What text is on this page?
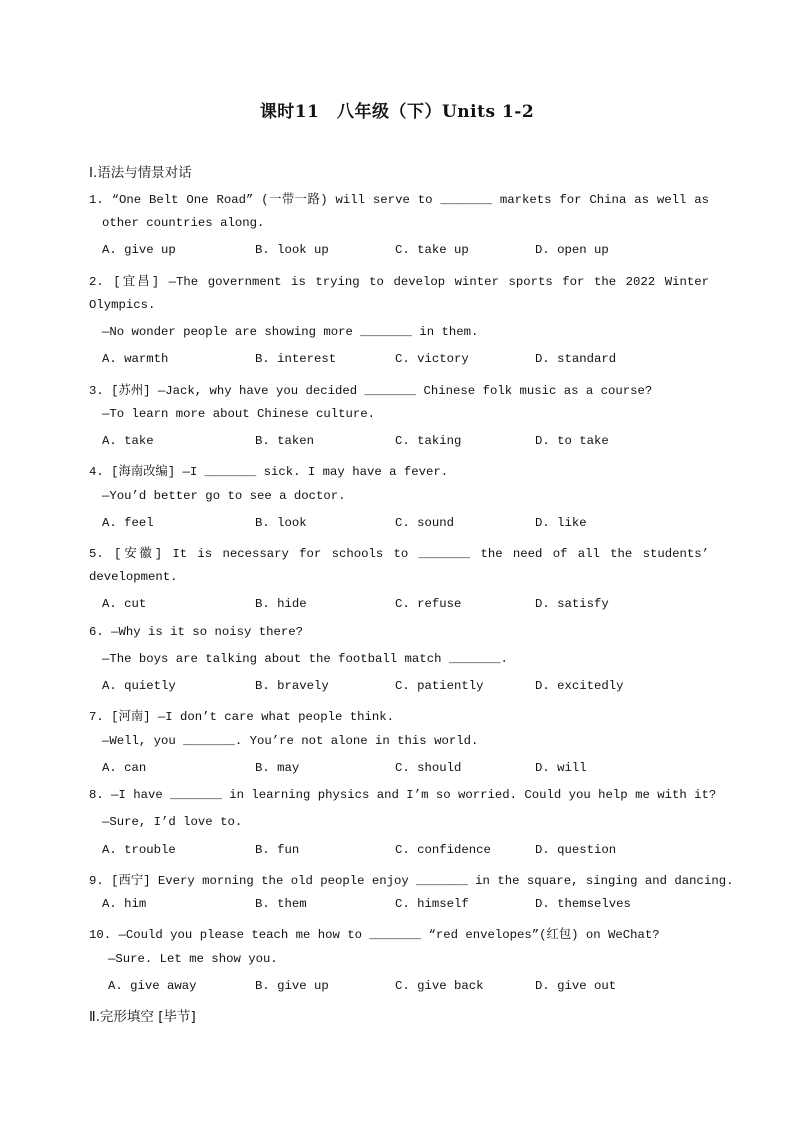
课时11　八年级（下）Units 1-2
Ⅰ.语法与情景对话
1. “One Belt One Road” (一带一路) will serve to _______ markets for China as well as
other countries along.
A. give up	B. look up	C. take up	D. open up
2. [宜昌] —The government is trying to develop winter sports for the 2022 Winter
Olympics.
—No wonder people are showing more _______ in them.
A. warmth	B. interest	C. victory	D. standard
3. [苏州] —Jack, why have you decided _______ Chinese folk music as a course?
—To learn more about Chinese culture.
A. take	B. taken	C. taking	D. to take
4. [海南改编] —I _______ sick. I may have a fever.
—You’d better go to see a doctor.
A. feel	B. look	C. sound	D. like
5. [安徽] It is necessary for schools to _______ the need of all the students’
development.
A. cut	B. hide	C. refuse	D. satisfy
6. —Why is it so noisy there?
—The boys are talking about the football match _______.
A. quietly	B. bravely	C. patiently	D. excitedly
7. [河南] —I don’t care what people think.
—Well, you _______. You’re not alone in this world.
A. can	B. may	C. should	D. will
8. —I have _______ in learning physics and I’m so worried. Could you help me with it?
—Sure, I’d love to.
A. trouble	B. fun	C. confidence	D. question
9. [西宁] Every morning the old people enjoy _______ in the square, singing and dancing.
A. him	B. them	C. himself	D. themselves
10. —Could you please teach me how to _______ “red envelopes”(红包) on WeChat?
—Sure. Let me show you.
A. give away	B. give up	C. give back	D. give out
Ⅱ.完形填空 [毕节]
